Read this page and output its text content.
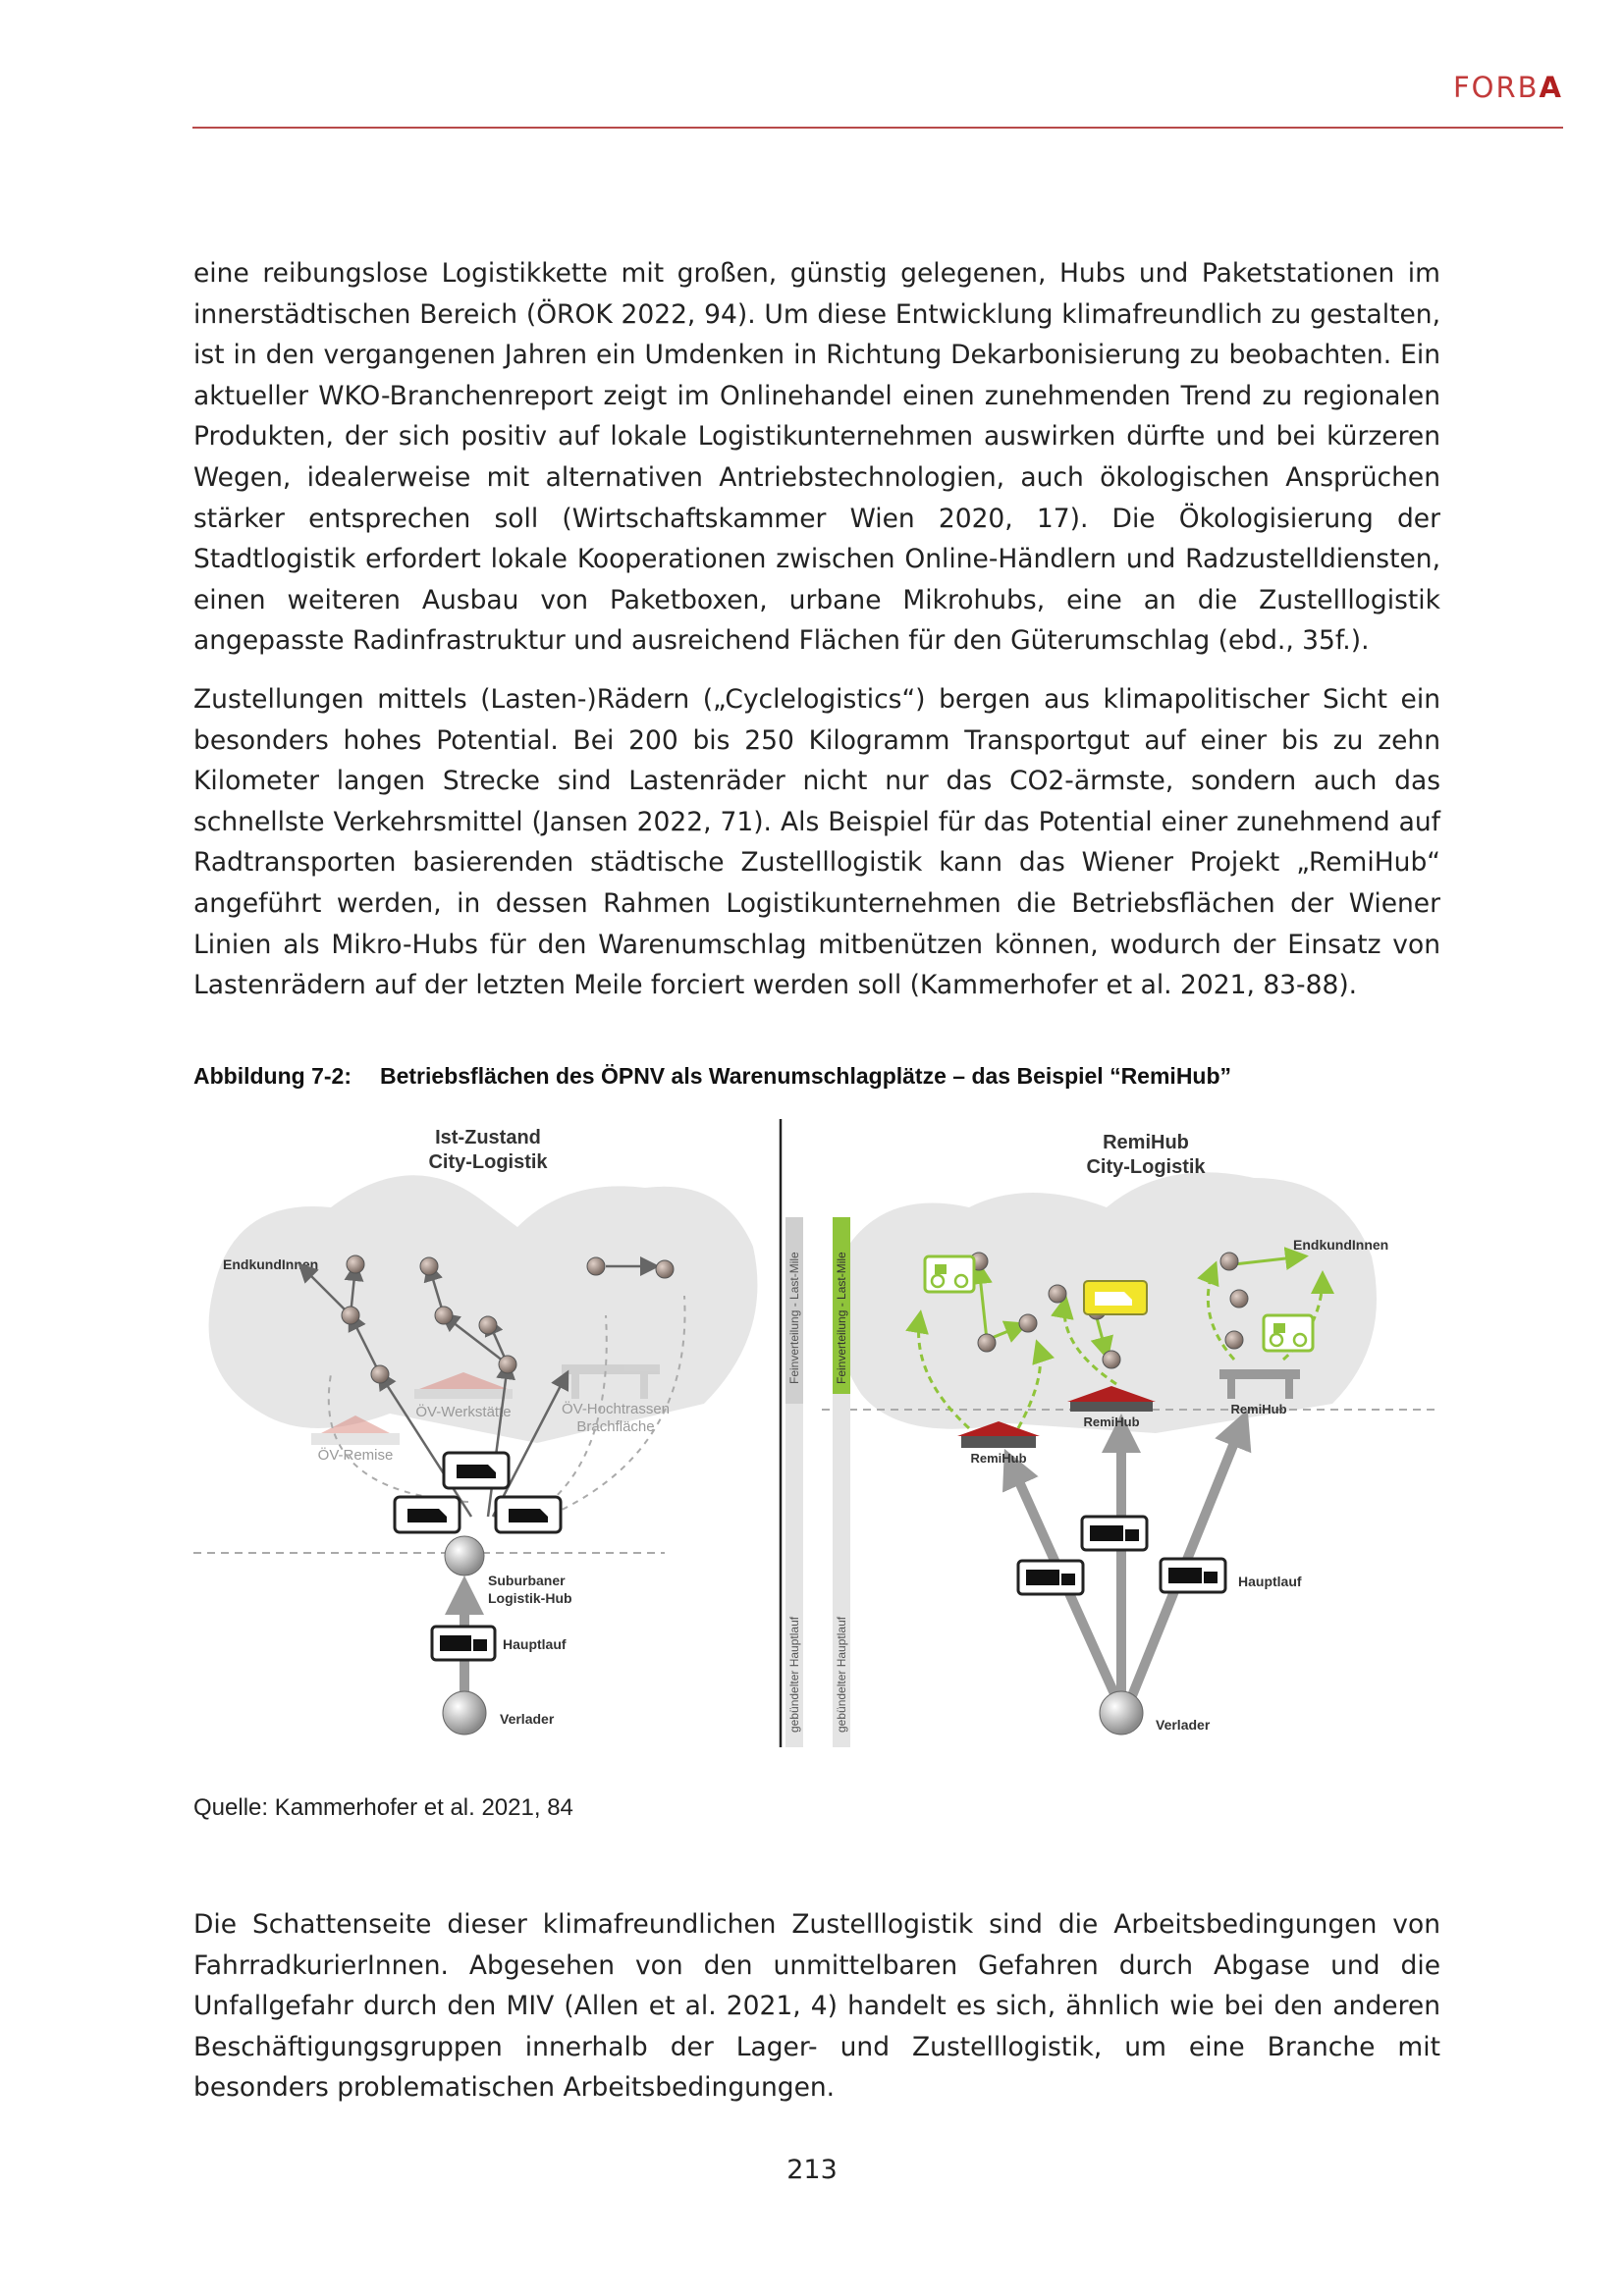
FORBA

eine reibungslose Logistikkette mit großen, günstig gelegenen, Hubs und Paketstationen im innerstädtischen Bereich (ÖROK 2022, 94). Um diese Entwicklung klimafreundlich zu gestalten, ist in den vergangenen Jahren ein Umdenken in Richtung Dekarbonisierung zu beobachten. Ein aktueller WKO-Branchenreport zeigt im Onlinehandel einen zunehmenden Trend zu regionalen Produkten, der sich positiv auf lokale Logistikunternehmen auswirken dürfte und bei kürzeren Wegen, idealerweise mit alternativen Antriebstechnologien, auch ökologischen Ansprüchen stärker entsprechen soll (Wirtschaftskammer Wien 2020, 17). Die Ökologisierung der Stadtlogistik erfordert lokale Kooperationen zwischen Online-Händlern und Radzustelldiensten, einen weiteren Ausbau von Paketboxen, urbane Mikrohubs, eine an die Zustelllogistik angepasste Radinfrastruktur und ausreichend Flächen für den Güterumschlag (ebd., 35f.).

Zustellungen mittels (Lasten-)Rädern („Cyclelogistics“) bergen aus klimapolitischer Sicht ein besonders hohes Potential. Bei 200 bis 250 Kilogramm Transportgut auf einer bis zu zehn Kilometer langen Strecke sind Lastenräder nicht nur das CO2-ärmste, sondern auch das schnellste Verkehrsmittel (Jansen 2022, 71). Als Beispiel für das Potential einer zunehmend auf Radtransporten basierenden städtische Zustelllogistik kann das Wiener Projekt „RemiHub“ angeführt werden, in dessen Rahmen Logistikunternehmen die Betriebsflächen der Wiener Linien als Mikro-Hubs für den Warenumschlag mitbenützen können, wodurch der Einsatz von Lastenrädern auf der letzten Meile forciert werden soll (Kammerhofer et al. 2021, 83-88).

Abbildung 7-2: Betriebsflächen des ÖPNV als Warenumschlagplätze – das Beispiel “RemiHub”
Ist-Zustand
City-Logistik
ÖV-Remise
ÖV-Werkstätte	ÖV-Hochtrassen
Brachfläche
EndkundInnen
Suburbaner
Logistik-Hub
Hauptlauf
Verlader
Feinverteilung - Last-Mile
gebündelter Hauptlauf
Feinverteilung - Last-Mile
gebündelter Hauptlauf
RemiHub
City-Logistik
EndkundInnen
Verlader
Hauptlauf
RemiHub
RemiHub
RemiHub
Quelle: Kammerhofer et al. 2021, 84

Die Schattenseite dieser klimafreundlichen Zustelllogistik sind die Arbeitsbedingungen von FahrradkurierInnen. Abgesehen von den unmittelbaren Gefahren durch Abgase und die Unfallgefahr durch den MIV (Allen et al. 2021, 4) handelt es sich, ähnlich wie bei den anderen Beschäftigungsgruppen innerhalb der Lager- und Zustelllogistik, um eine Branche mit besonders problematischen Arbeitsbedingungen.

213
